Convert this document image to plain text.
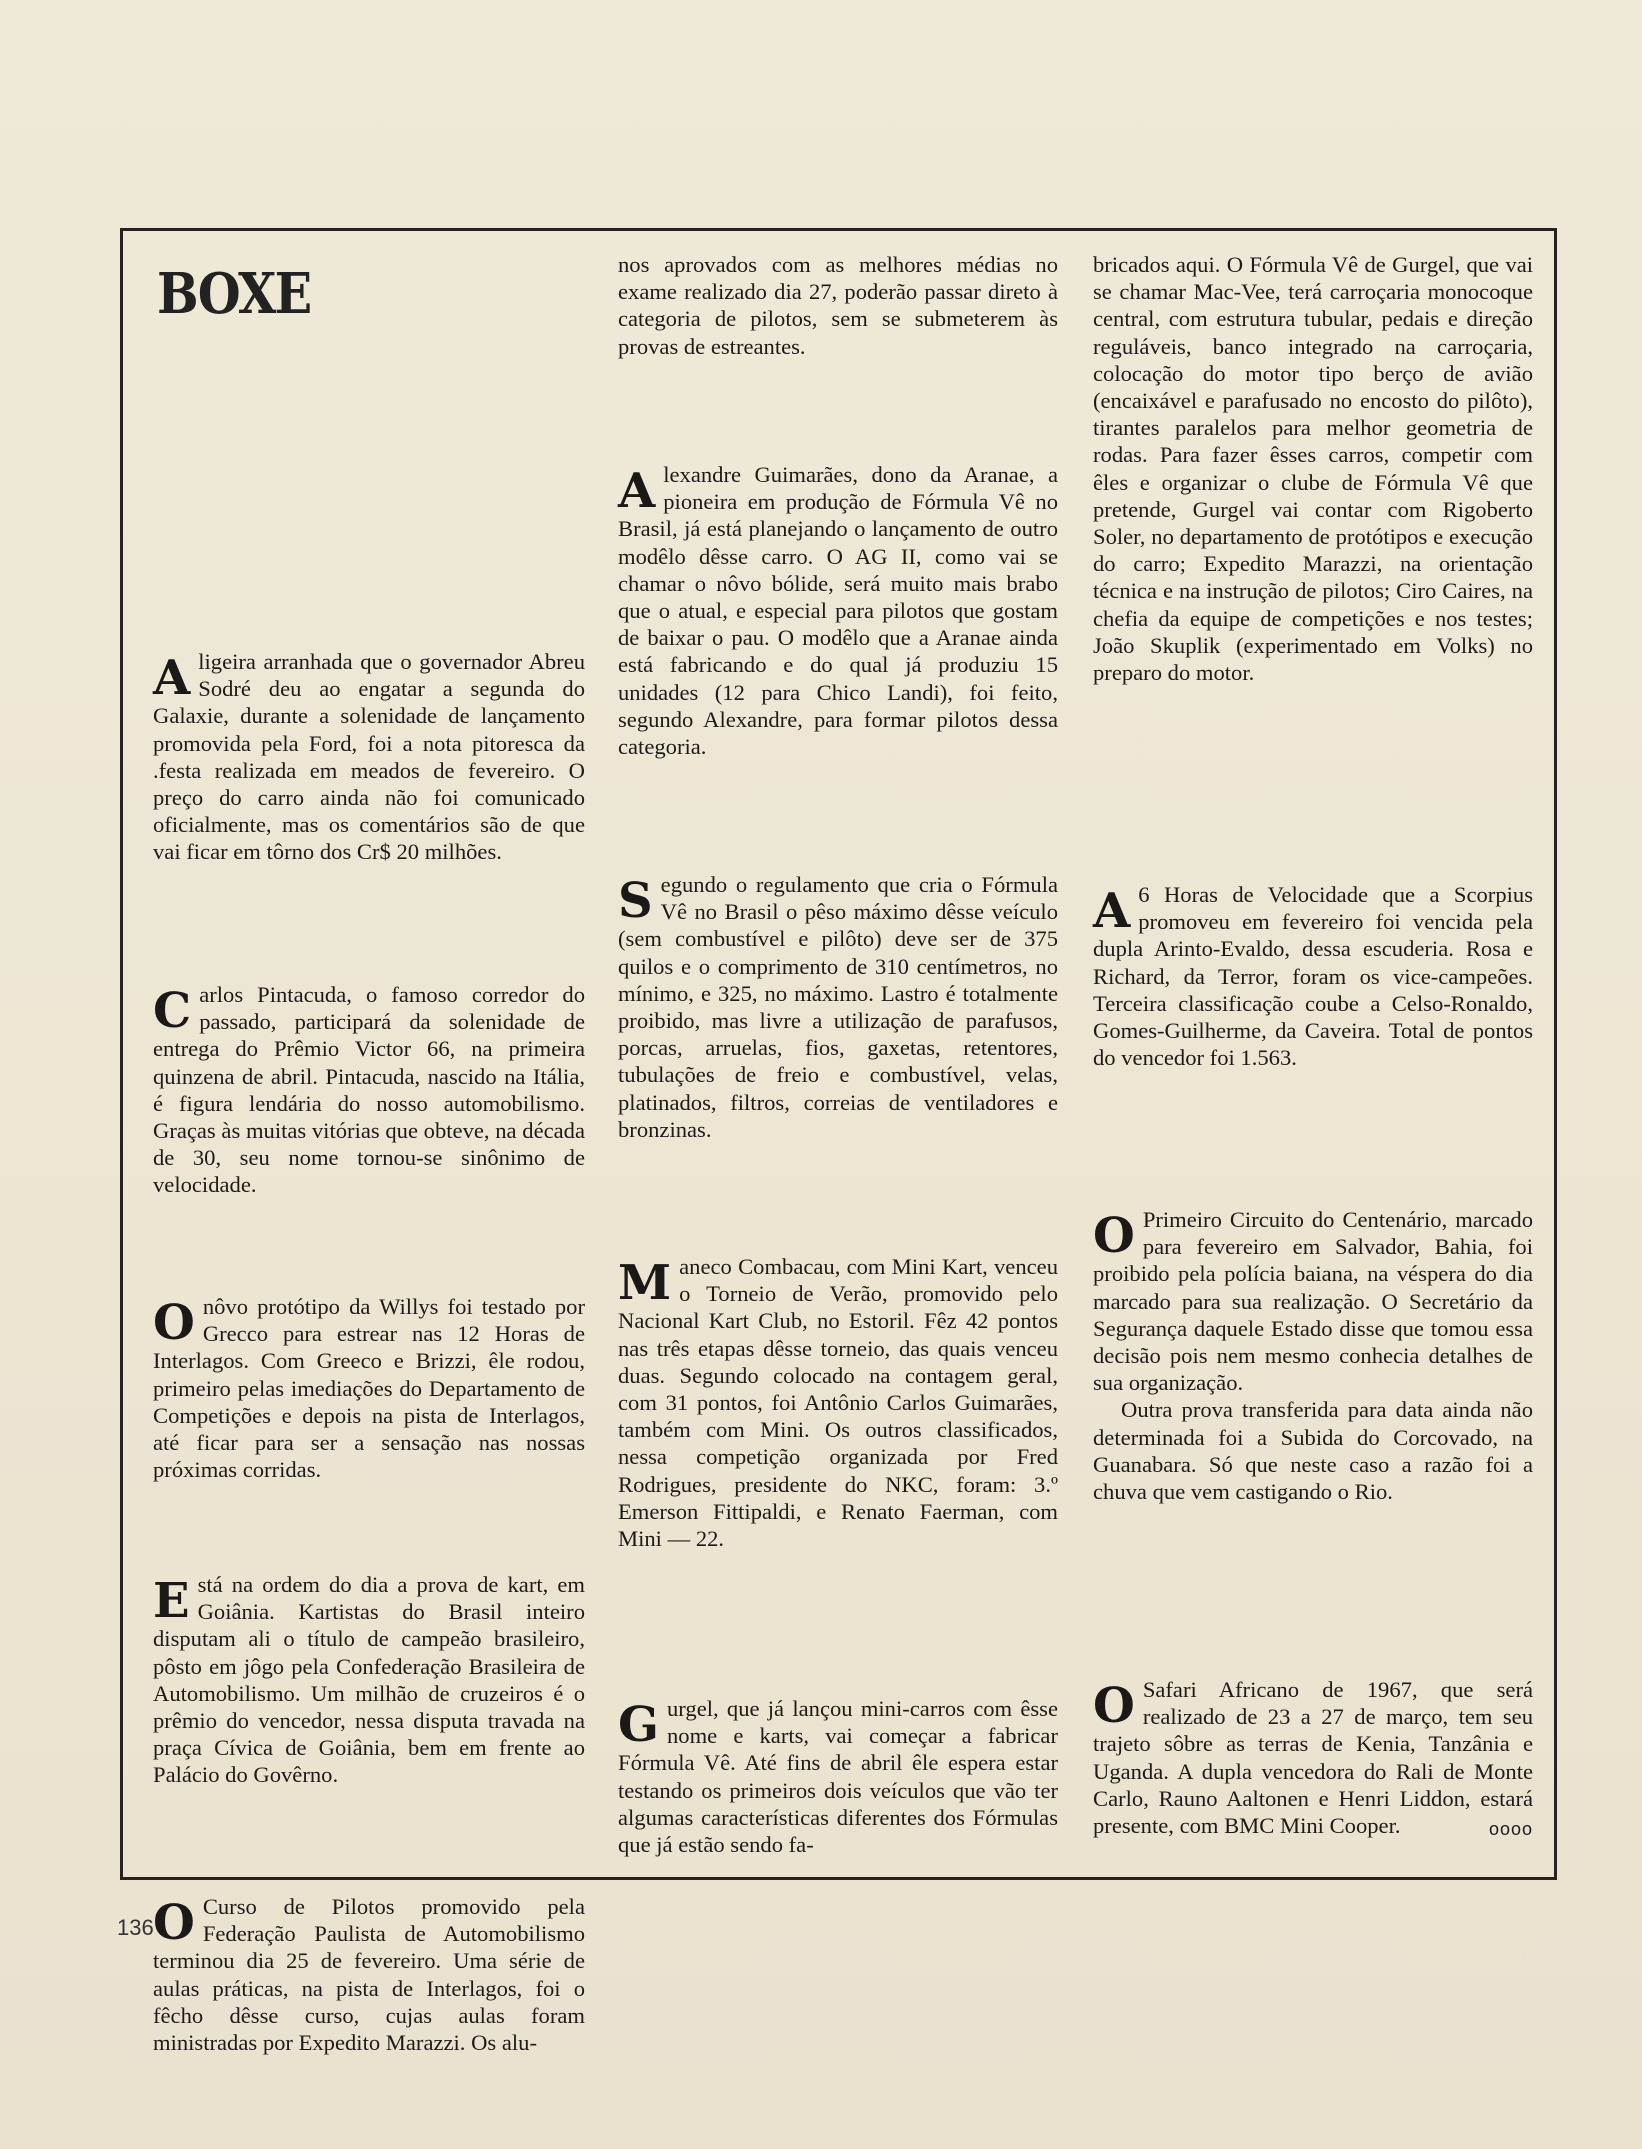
BOXE

Aligeira arranhada que o governador Abreu Sodré deu ao engatar a segunda do Galaxie, durante a solenidade de lançamento promovida pela Ford, foi a nota pitoresca da .festa realizada em meados de fevereiro. O preço do carro ainda não foi comunicado oficialmente, mas os comentários são de que vai ficar em tôrno dos Cr$ 20 milhões.

Carlos Pintacuda, o famoso corredor do passado, participará da solenidade de entrega do Prêmio Victor 66, na primeira quinzena de abril. Pintacuda, nascido na Itália, é figura lendária do nosso automobilismo. Graças às muitas vitórias que obteve, na década de 30, seu nome tornou-se sinônimo de velocidade.

Onôvo protótipo da Willys foi testado por Grecco para estrear nas 12 Horas de Interlagos. Com Greeco e Brizzi, êle rodou, primeiro pelas imediações do Departamento de Competições e depois na pista de Interlagos, até ficar para ser a sensação nas nossas próximas corridas.

Está na ordem do dia a prova de kart, em Goiânia. Kartistas do Brasil inteiro disputam ali o título de campeão brasileiro, pôsto em jôgo pela Confederação Brasileira de Automobilismo. Um milhão de cruzeiros é o prêmio do vencedor, nessa disputa travada na praça Cívica de Goiânia, bem em frente ao Palácio do Govêrno.

O Curso de Pilotos promovido pela Federação Paulista de Automobilismo terminou dia 25 de fevereiro. Uma série de aulas práticas, na pista de Interlagos, foi o fêcho dêsse curso, cujas aulas foram ministradas por Expedito Marazzi. Os alu-

nos aprovados com as melhores médias no exame realizado dia 27, poderão passar direto à categoria de pilotos, sem se submeterem às provas de estreantes.

Alexandre Guimarães, dono da Aranae, a pioneira em produção de Fórmula Vê no Brasil, já está planejando o lançamento de outro modêlo dêsse carro. O AG II, como vai se chamar o nôvo bólide, será muito mais brabo que o atual, e especial para pilotos que gostam de baixar o pau. O modêlo que a Aranae ainda está fabricando e do qual já produziu 15 unidades (12 para Chico Landi), foi feito, segundo Alexandre, para formar pilotos dessa categoria.

Segundo o regulamento que cria o Fórmula Vê no Brasil o pêso máximo dêsse veículo (sem combustível e pilôto) deve ser de 375 quilos e o comprimento de 310 centímetros, no mínimo, e 325, no máximo. Lastro é totalmente proibido, mas livre a utilização de parafusos, porcas, arruelas, fios, gaxetas, retentores, tubulações de freio e combustível, velas, platinados, filtros, correias de ventiladores e bronzinas.

Maneco Combacau, com Mini Kart, venceu o Torneio de Verão, promovido pelo Nacional Kart Club, no Estoril. Fêz 42 pontos nas três etapas dêsse torneio, das quais venceu duas. Segundo colocado na contagem geral, com 31 pontos, foi Antônio Carlos Guimarães, também com Mini. Os outros classificados, nessa competição organizada por Fred Rodrigues, presidente do NKC, foram: 3.º Emerson Fittipaldi, e Renato Faerman, com Mini — 22.

Gurgel, que já lançou mini-carros com êsse nome e karts, vai começar a fabricar Fórmula Vê. Até fins de abril êle espera estar testando os primeiros dois veículos que vão ter algumas características diferentes dos Fórmulas que já estão sendo fa-

bricados aqui. O Fórmula Vê de Gurgel, que vai se chamar Mac-Vee, terá carroçaria monocoque central, com estrutura tubular, pedais e direção reguláveis, banco integrado na carroçaria, colocação do motor tipo berço de avião (encaixável e parafusado no encosto do pilôto), tirantes paralelos para melhor geometria de rodas. Para fazer êsses carros, competir com êles e organizar o clube de Fórmula Vê que pretende, Gurgel vai contar com Rigoberto Soler, no departamento de protótipos e execução do carro; Expedito Marazzi, na orientação técnica e na instrução de pilotos; Ciro Caires, na chefia da equipe de competições e nos testes; João Skuplik (experimentado em Volks) no preparo do motor.

A 6 Horas de Velocidade que a Scorpius promoveu em fevereiro foi vencida pela dupla Arinto-Evaldo, dessa escuderia. Rosa e Richard, da Terror, foram os vice-campeões. Terceira classificação coube a Celso-Ronaldo, Gomes-Guilherme, da Caveira. Total de pontos do vencedor foi 1.563.

O Primeiro Circuito do Centenário, marcado para fevereiro em Salvador, Bahia, foi proibido pela polícia baiana, na véspera do dia marcado para sua realização. O Secretário da Segurança daquele Estado disse que tomou essa decisão pois nem mesmo conhecia detalhes de sua organização.

Outra prova transferida para data ainda não determinada foi a Subida do Corcovado, na Guanabara. Só que neste caso a razão foi a chuva que vem castigando o Rio.

O Safari Africano de 1967, que será realizado de 23 a 27 de março, tem seu trajeto sôbre as terras de Kenia, Tanzânia e Uganda. A dupla vencedora do Rali de Monte Carlo, Rauno Aaltonen e Henri Liddon, estará presente, com BMC Mini Cooper.	oooo

136
